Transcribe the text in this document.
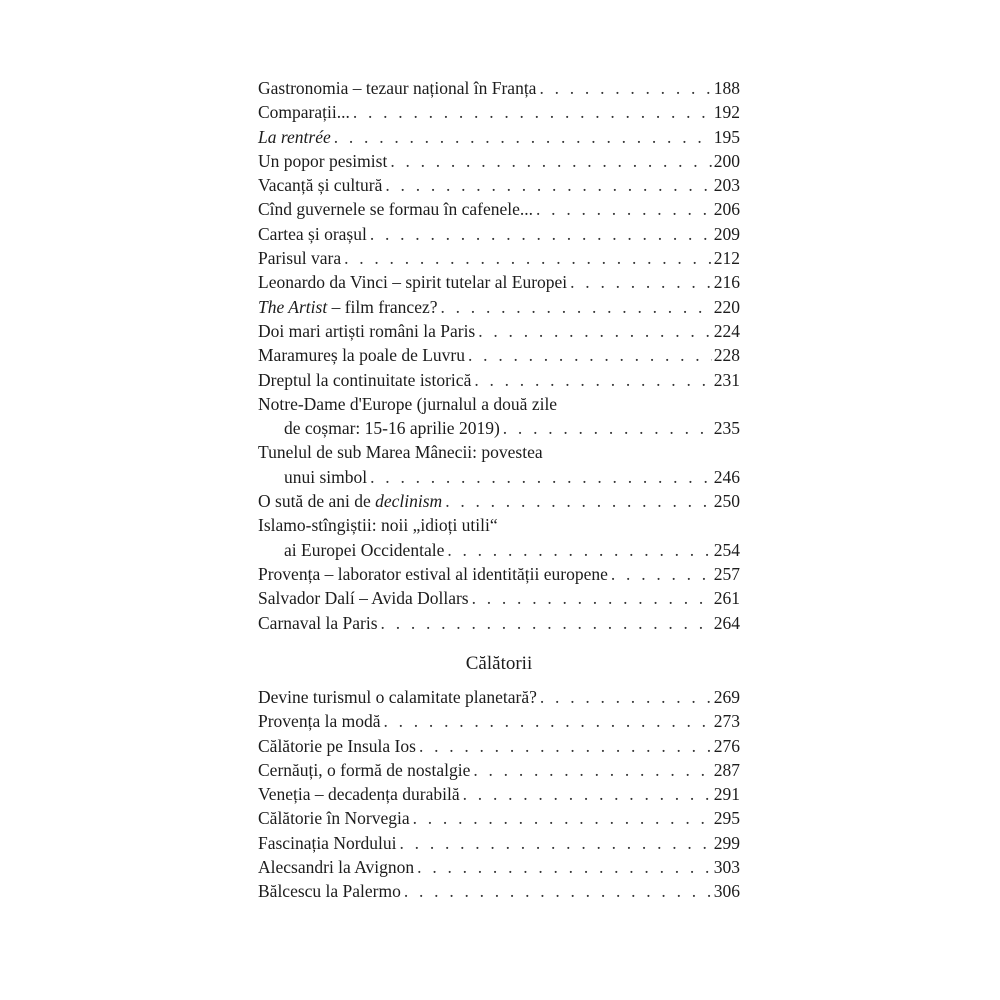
Gastronomia – tezaur național în Franța . . .	188
Comparații... . . .	192
La rentrée . . .	195
Un popor pesimist . . .	200
Vacanță și cultură . . .	203
Cînd guvernele se formau în cafenele... . . .	206
Cartea și orașul . . .	209
Parisul vara . . .	212
Leonardo da Vinci – spirit tutelar al Europei . . .	216
The Artist – film francez? . . .	220
Doi mari artiști români la Paris . . .	224
Maramureș la poale de Luvru . . .	228
Dreptul la continuitate istorică . . .	231
Notre-Dame d'Europe (jurnalul a două zile
de coșmar: 15-16 aprilie 2019) . . .	235
Tunelul de sub Marea Mânecii: povestea
unui simbol . . .	246
O sută de ani de declinism . . .	250
Islamo-stîngiștii: noii „idioți utili“
ai Europei Occidentale . . .	254
Provența – laborator estival al identității europene . . .	257
Salvador Dalí – Avida Dollars . . .	261
Carnaval la Paris . . .	264
Călătorii
Devine turismul o calamitate planetară? . . .	269
Provența la modă . . .	273
Călătorie pe Insula Ios . . .	276
Cernăuți, o formă de nostalgie . . .	287
Veneția – decadența durabilă . . .	291
Călătorie în Norvegia . . .	295
Fascinația Nordului . . .	299
Alecsandri la Avignon . . .	303
Bălcescu la Palermo . . .	306
